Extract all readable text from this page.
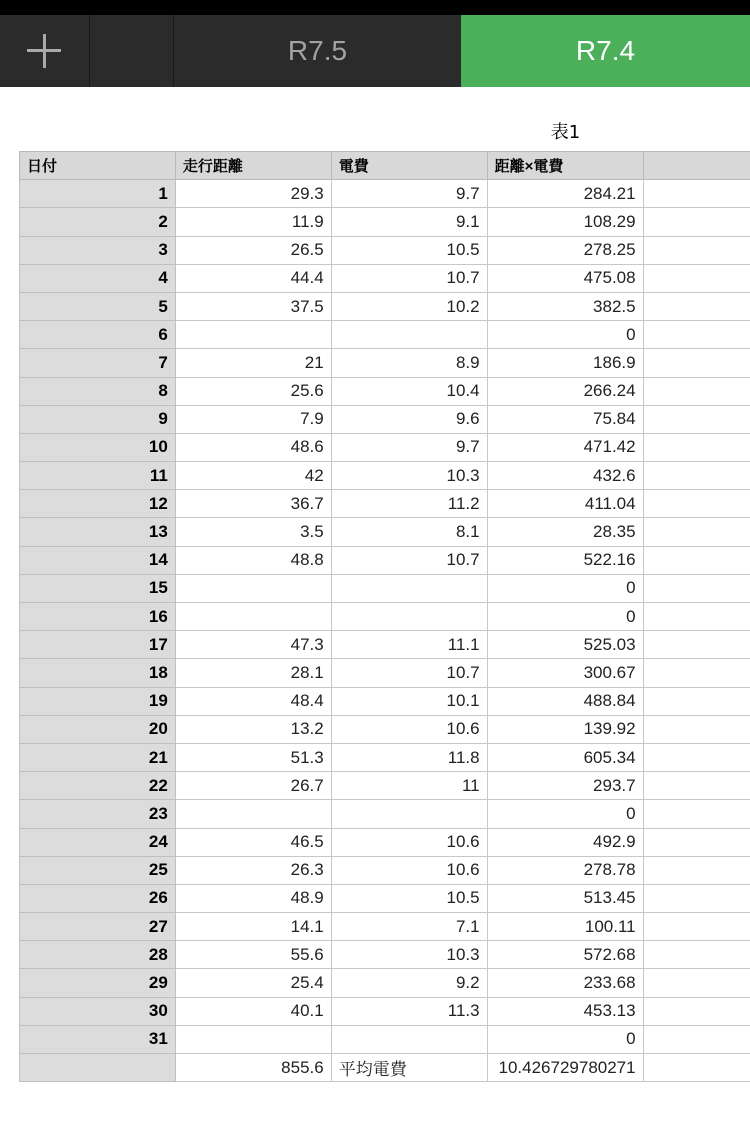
R7.5	R7.4
表1
日付	走行距離	電費	距離×電費	
1	29.3	9.7	284.21	
2	11.9	9.1	108.29	
3	26.5	10.5	278.25	
4	44.4	10.7	475.08	
5	37.5	10.2	382.5	
6			0	
7	21	8.9	186.9	
8	25.6	10.4	266.24	
9	7.9	9.6	75.84	
10	48.6	9.7	471.42	
11	42	10.3	432.6	
12	36.7	11.2	411.04	
13	3.5	8.1	28.35	
14	48.8	10.7	522.16	
15			0	
16			0	
17	47.3	11.1	525.03	
18	28.1	10.7	300.67	
19	48.4	10.1	488.84	
20	13.2	10.6	139.92	
21	51.3	11.8	605.34	
22	26.7	11	293.7	
23			0	
24	46.5	10.6	492.9	
25	26.3	10.6	278.78	
26	48.9	10.5	513.45	
27	14.1	7.1	100.11	
28	55.6	10.3	572.68	
29	25.4	9.2	233.68	
30	40.1	11.3	453.13	
31			0	
	855.6	平均電費	10.426729780271	
